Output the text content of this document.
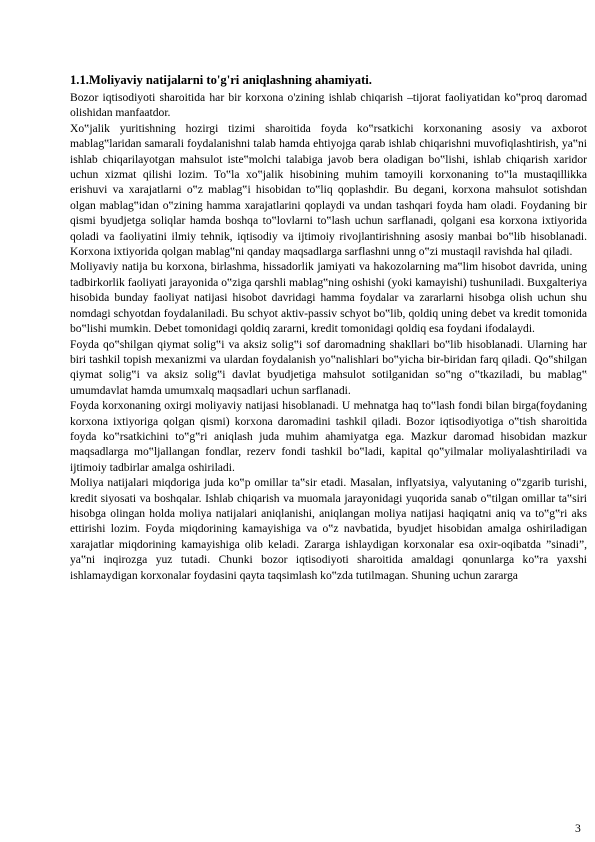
1.1.Moliyaviy natijalarni to'g'ri aniqlashning ahamiyati.

Bozor iqtisodiyoti sharoitida har bir korxona o'zining ishlab chiqarish –tijorat faoliyatidan ko‟proq daromad olishidan manfaatdor.

Xo‟jalik yuritishning hozirgi tizimi sharoitida foyda ko‟rsatkichi korxonaning asosiy va axborot mablag‟laridan samarali foydalanishni talab hamda ehtiyojga qarab ishlab chiqarishni muvofiqlashtirish, ya‟ni ishlab chiqarilayotgan mahsulot iste‟molchi talabiga javob bera oladigan bo‟lishi, ishlab chiqarish xaridor uchun xizmat qilishi lozim. To‟la xo‟jalik hisobining muhim tamoyili korxonaning to‟la mustaqillikka erishuvi va xarajatlarni o‟z mablag‟i hisobidan to‟liq qoplashdir. Bu degani, korxona mahsulot sotishdan olgan mablag‟idan o‟zining hamma xarajatlarini qoplaydi va undan tashqari foyda ham oladi. Foydaning bir qismi byudjetga soliqlar hamda boshqa to‟lovlarni to‟lash uchun sarflanadi, qolgani esa korxona ixtiyorida qoladi va faoliyatini ilmiy tehnik, iqtisodiy va ijtimoiy rivojlantirishning asosiy manbai bo‟lib hisoblanadi. Korxona ixtiyorida qolgan mablag‟ni qanday maqsadlarga sarflashni unng o‟zi mustaqil ravishda hal qiladi.

Moliyaviy natija bu korxona, birlashma, hissadorlik jamiyati va hakozolarning ma‟lim hisobot davrida, uning tadbirkorlik faoliyati jarayonida o‟ziga qarshli mablag‟ning oshishi (yoki kamayishi) tushuniladi. Buxgalteriya hisobida bunday faoliyat natijasi hisobot davridagi hamma foydalar va zararlarni hisobga olish uchun shu nomdagi schyotdan foydalaniladi. Bu schyot aktiv-passiv schyot bo‟lib, qoldiq uning debet va kredit tomonida bo‟lishi mumkin. Debet tomonidagi qoldiq zararni, kredit tomonidagi qoldiq esa foydani ifodalaydi.

Foyda qo‟shilgan qiymat solig‟i va aksiz solig‟i sof daromadning shakllari bo‟lib hisoblanadi. Ularning har biri tashkil topish mexanizmi va ulardan foydalanish yo‟nalishlari bo‟yicha bir-biridan farq qiladi. Qo‟shilgan qiymat solig‟i va aksiz solig‟i davlat byudjetiga mahsulot sotilganidan so‟ng o‟tkaziladi, bu mablag‟ umumdavlat hamda umumxalq maqsadlari uchun sarflanadi.

Foyda korxonaning oxirgi moliyaviy natijasi hisoblanadi. U mehnatga haq to‟lash fondi bilan birga(foydaning korxona ixtiyoriga qolgan qismi) korxona daromadini tashkil qiladi. Bozor iqtisodiyotiga o‟tish sharoitida foyda ko‟rsatkichini to‟g‟ri aniqlash juda muhim ahamiyatga ega. Mazkur daromad hisobidan mazkur maqsadlarga mo‟ljallangan fondlar, rezerv fondi tashkil bo‟ladi, kapital qo‟yilmalar moliyalashtiriladi va ijtimoiy tadbirlar amalga oshiriladi.

Moliya natijalari miqdoriga juda ko‟p omillar ta‟sir etadi. Masalan, inflyatsiya, valyutaning o‟zgarib turishi, kredit siyosati va boshqalar. Ishlab chiqarish va muomala jarayonidagi yuqorida sanab o‟tilgan omillar ta‟siri hisobga olingan holda moliya natijalari aniqlanishi, aniqlangan moliya natijasi haqiqatni aniq va to‟g‟ri aks ettirishi lozim. Foyda miqdorining kamayishiga va o‟z navbatida, byudjet hisobidan amalga oshiriladigan xarajatlar miqdorining kamayishiga olib keladi. Zararga ishlaydigan korxonalar esa oxir-oqibatda ”sinadi”, ya‟ni inqirozga yuz tutadi. Chunki bozor iqtisodiyoti sharoitida amaldagi qonunlarga ko‟ra yaxshi ishlamaydigan korxonalar foydasini qayta taqsimlash ko‟zda tutilmagan. Shuning uchun zararga

3
